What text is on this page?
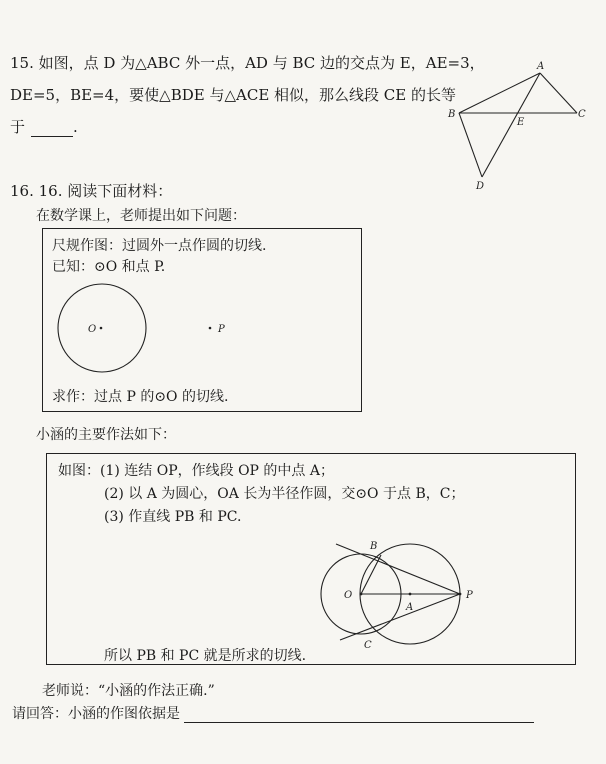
15. 如图，点 D 为△ABC 外一点，AD 与 BC 边的交点为 E，AE=3，
DE=5，BE=4，要使△BDE 与△ACE 相似，那么线段 CE 的长等
于	.
A
B	C
E
D
16. 16. 阅读下面材料：
在数学课上，老师提出如下问题：
尺规作图：过圆外一点作圆的切线.
已知：⊙O 和点 P.
O	P
求作：过点 P 的⊙O 的切线.
小涵的主要作法如下：
如图：(1) 连结 OP，作线段 OP 的中点 A；
(2) 以 A 为圆心，OA 长为半径作圆，交⊙O 于点 B，C；
(3) 作直线 PB 和 PC.
B
O
A
P
C
所以 PB 和 PC 就是所求的切线.
老师说：“小涵的作法正确.”
请回答：小涵的作图依据是
